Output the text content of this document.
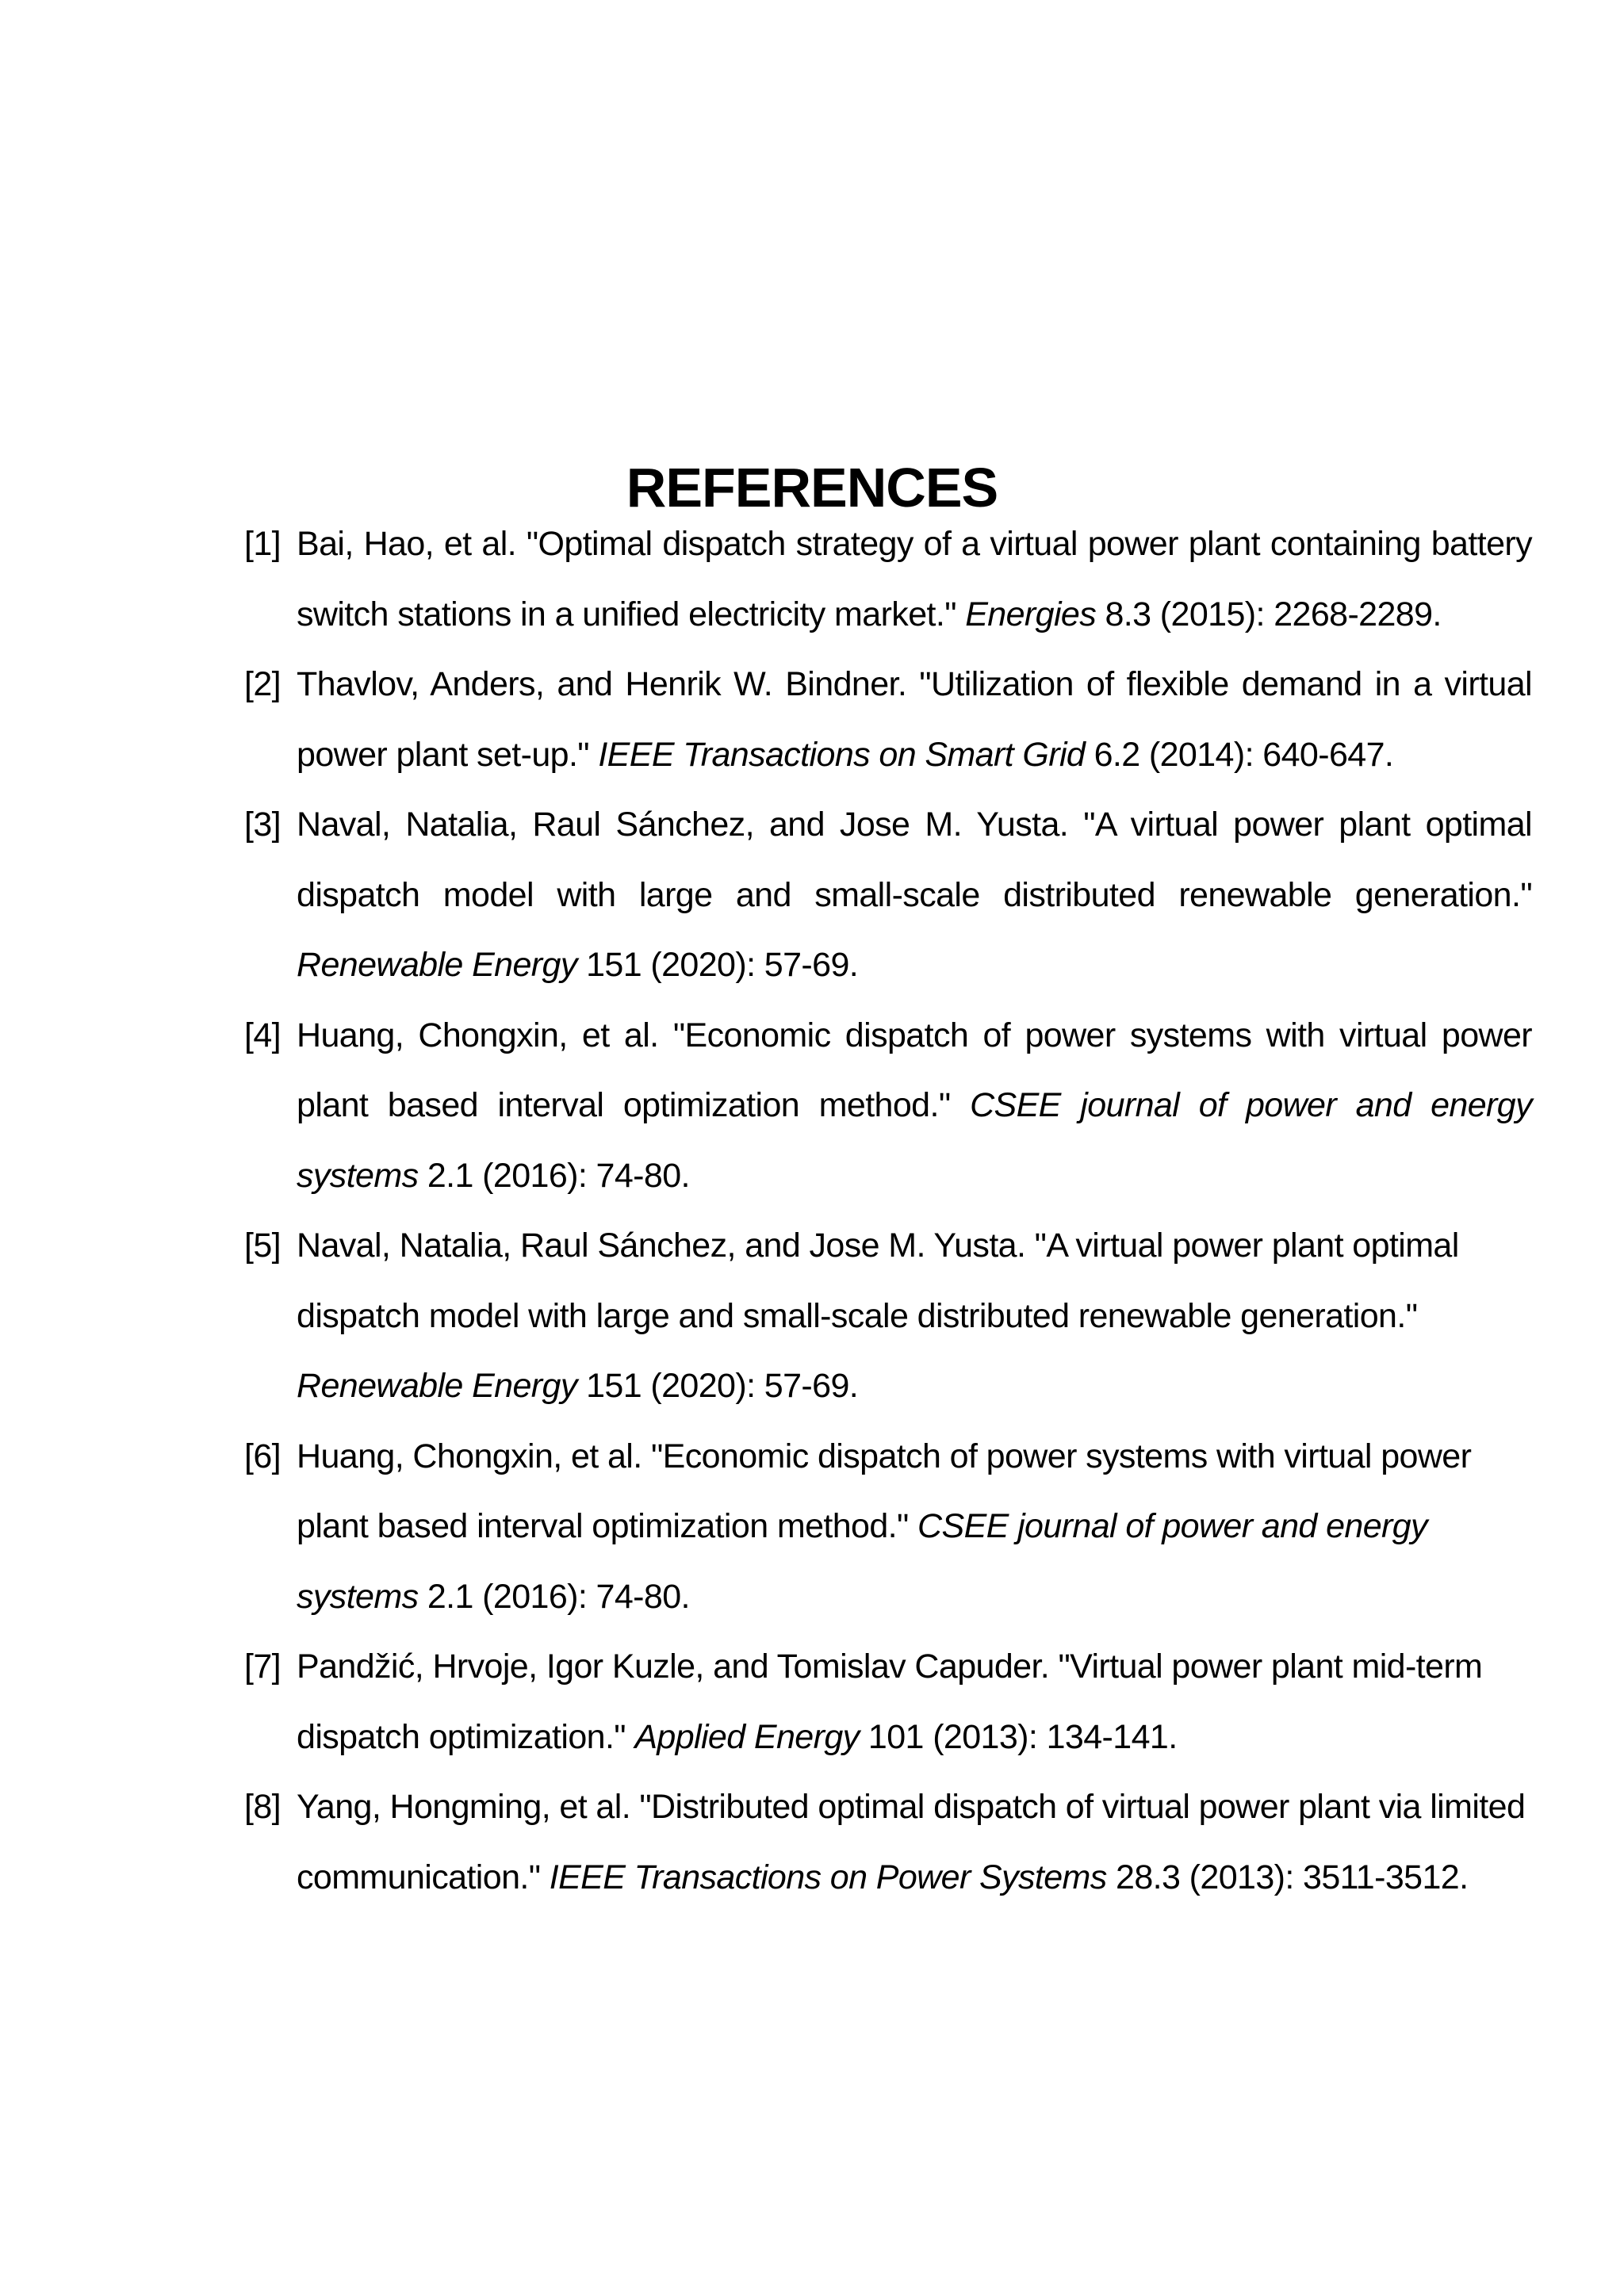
REFERENCES
[1] Bai, Hao, et al. "Optimal dispatch strategy of a virtual power plant containing battery switch stations in a unified electricity market." Energies 8.3 (2015): 2268-2289.
[2] Thavlov, Anders, and Henrik W. Bindner. "Utilization of flexible demand in a virtual power plant set-up." IEEE Transactions on Smart Grid 6.2 (2014): 640-647.
[3] Naval, Natalia, Raul Sánchez, and Jose M. Yusta. "A virtual power plant optimal dispatch model with large and small-scale distributed renewable generation." Renewable Energy 151 (2020): 57-69.
[4] Huang, Chongxin, et al. "Economic dispatch of power systems with virtual power plant based interval optimization method." CSEE journal of power and energy systems 2.1 (2016): 74-80.
[5] Naval, Natalia, Raul Sánchez, and Jose M. Yusta. "A virtual power plant optimal dispatch model with large and small-scale distributed renewable generation." Renewable Energy 151 (2020): 57-69.
[6] Huang, Chongxin, et al. "Economic dispatch of power systems with virtual power plant based interval optimization method." CSEE journal of power and energy systems 2.1 (2016): 74-80.
[7] Pandžić, Hrvoje, Igor Kuzle, and Tomislav Capuder. "Virtual power plant mid-term dispatch optimization." Applied Energy 101 (2013): 134-141.
[8] Yang, Hongming, et al. "Distributed optimal dispatch of virtual power plant via limited communication." IEEE Transactions on Power Systems 28.3 (2013): 3511-3512.
